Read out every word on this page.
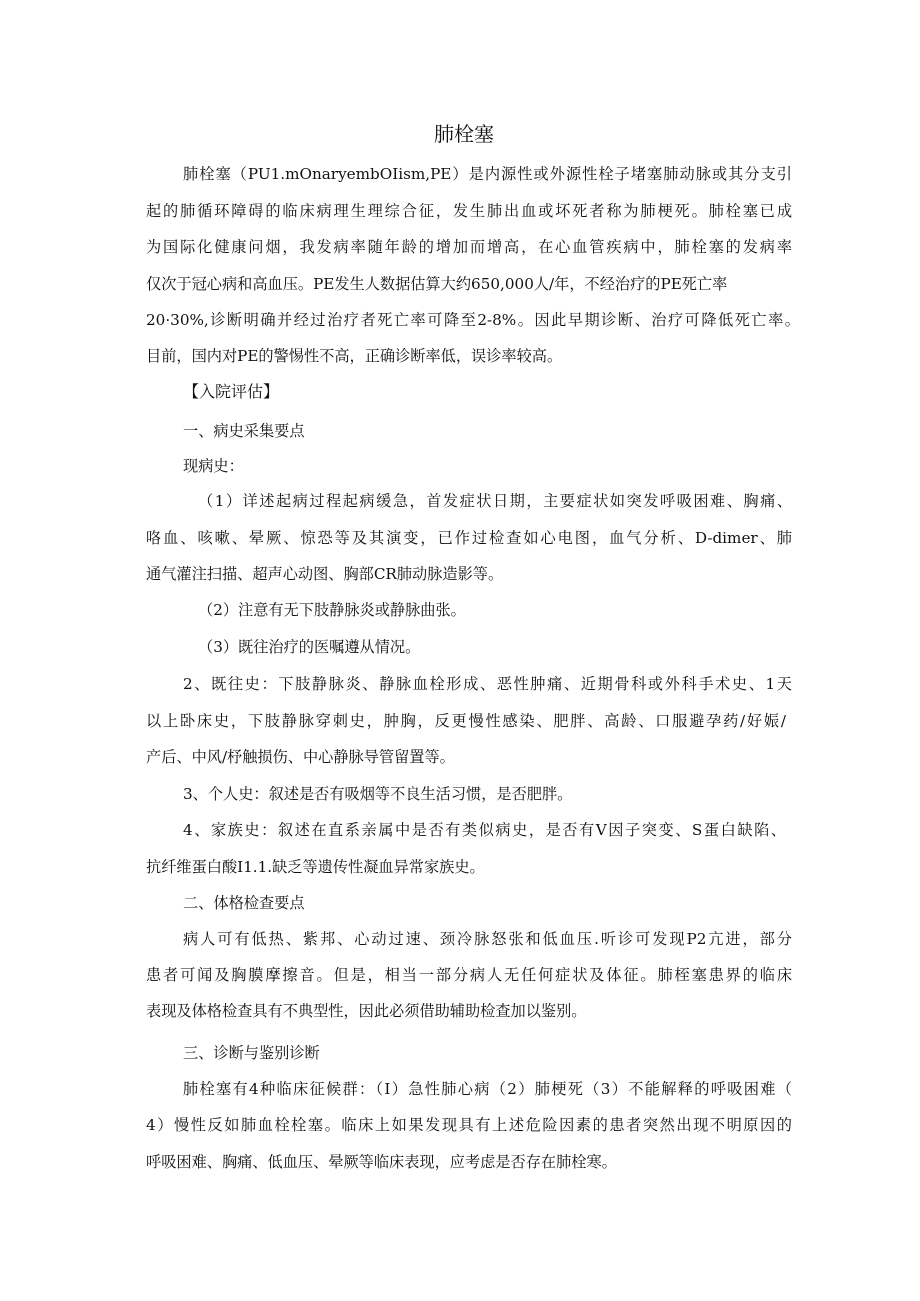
肺栓塞
肺栓塞（PU1.mOnaryembOIism,PE）是内源性或外源性栓子堵塞肺动脉或其分支引
起的肺循环障碍的临床病理生理综合征，发生肺出血或坏死者称为肺梗死。肺栓塞已成
为国际化健康问烟，我发病率随年龄的增加而增高，在心血管疾病中，肺栓塞的发病率
仅次于冠心病和高血压。PE发生人数据估算大约650,000人/年，不经治疗的PE死亡率
20·30%,诊断明确并经过治疗者死亡率可降至2-8%。因此早期诊断、治疗可降低死亡率。
目前，国内对PE的警惕性不高，正确诊断率低，误诊率较高。
【入院评估】
一、病史采集要点
现病史：
（1）详述起病过程起病缓急，首发症状日期，主要症状如突发呼吸困难、胸痛、
咯血、咳嗽、晕厥、惊恐等及其演变，已作过检查如心电图，血气分析、D-dimer、肺
通气灌注扫描、超声心动图、胸部CR肺动脉造影等。
（2）注意有无下肢静脉炎或静脉曲张。
（3）既往治疗的医嘱遵从情况。
2、既往史：下肢静脉炎、静脉血栓形成、恶性肿痛、近期骨科或外科手术史、1天
以上卧床史，下肢静脉穿刺史，肿胸，反更慢性感染、肥胖、高龄、口服避孕药/好娠/
产后、中风/杼触损伤、中心静脉导管留置等。
3、个人史：叙述是否有吸烟等不良生活习惯，是否肥胖。
4、家族史：叙述在直系亲属中是否有类似病史，是否有V因子突变、S蛋白缺陷、
抗纤维蛋白酸I1.1.缺乏等遗传性凝血异常家族史。
二、体格检查要点
病人可有低热、紫邦、心动过速、颈冷脉怒张和低血压.听诊可发现P2亢进，部分
患者可闻及胸膜摩擦音。但是，相当一部分病人无任何症状及体征。肺桎塞患界的临床
表现及体格检查具有不典型性，因此必须借助辅助检查加以鉴别。
三、诊断与鉴别诊断
肺栓塞有4种临床征候群：（I）急性肺心病（2）肺梗死（3）不能解释的呼吸困难（
4）慢性反如肺血栓栓塞。临床上如果发现具有上述危险因素的患者突然出现不明原因的
呼吸困难、胸痛、低血压、晕厥等临床表现，应考虑是否存在肺栓寒。
